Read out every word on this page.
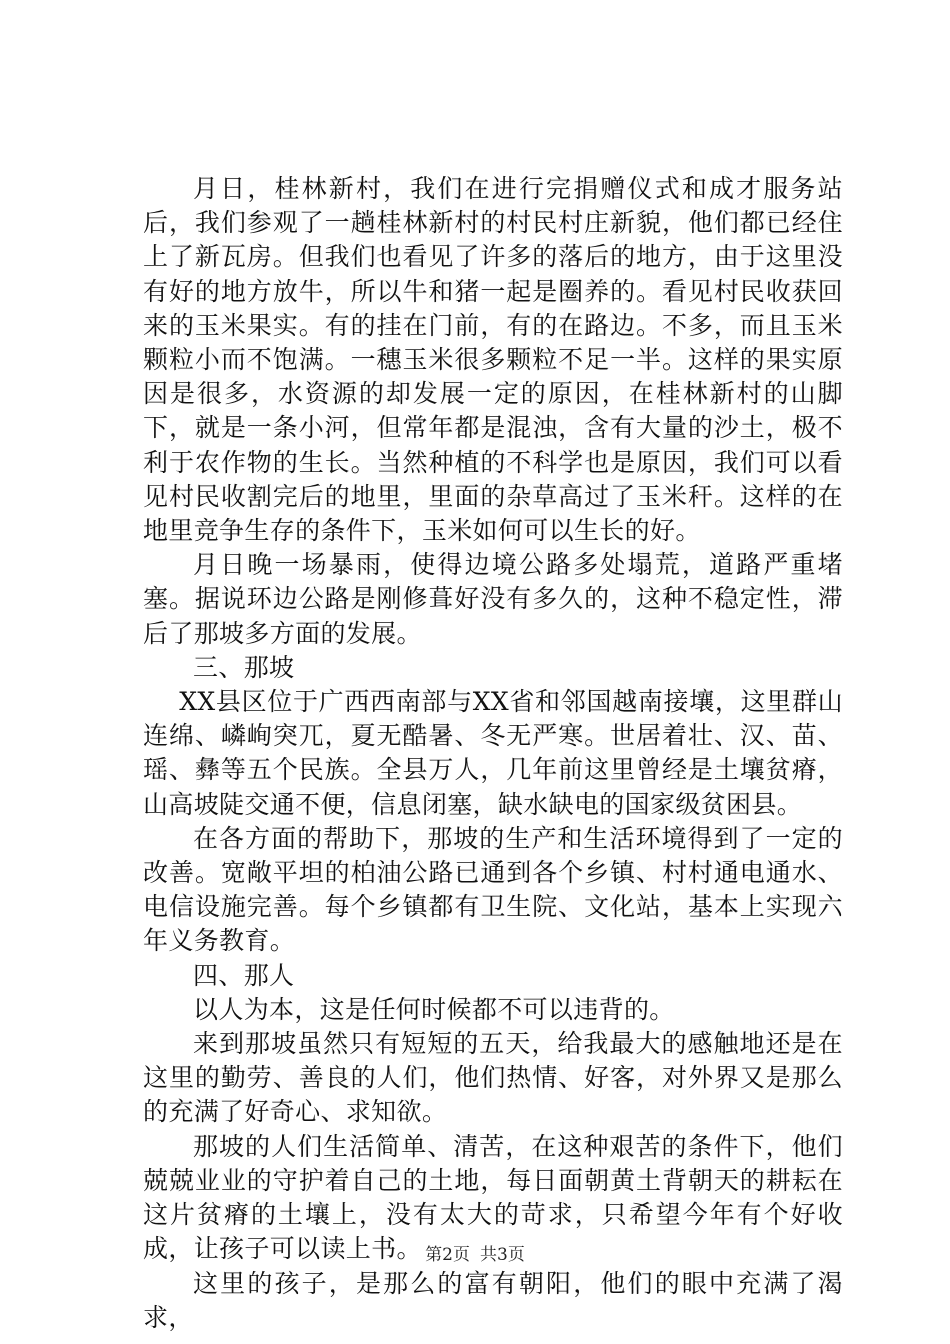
月日，桂林新村，我们在进行完捐赠仪式和成才服务站后，我们参观了一趟桂林新村的村民村庄新貌，他们都已经住上了新瓦房。但我们也看见了许多的落后的地方，由于这里没有好的地方放牛，所以牛和猪一起是圈养的。看见村民收获回来的玉米果实。有的挂在门前，有的在路边。不多，而且玉米颗粒小而不饱满。一穗玉米很多颗粒不足一半。这样的果实原因是很多，水资源的却发展一定的原因，在桂林新村的山脚下，就是一条小河，但常年都是混浊，含有大量的沙土，极不利于农作物的生长。当然种植的不科学也是原因，我们可以看见村民收割完后的地里，里面的杂草高过了玉米秆。这样的在地里竞争生存的条件下，玉米如何可以生长的好。

月日晚一场暴雨，使得边境公路多处塌荒，道路严重堵塞。据说环边公路是刚修葺好没有多久的，这种不稳定性，滞后了那坡多方面的发展。

三、那坡

XX县区位于广西西南部与XX省和邻国越南接壤，这里群山连绵、嶙峋突兀，夏无酷暑、冬无严寒。世居着壮、汉、苗、瑶、彝等五个民族。全县万人，几年前这里曾经是土壤贫瘠，山高坡陡交通不便，信息闭塞，缺水缺电的国家级贫困县。

在各方面的帮助下，那坡的生产和生活环境得到了一定的改善。宽敞平坦的柏油公路已通到各个乡镇、村村通电通水、电信设施完善。每个乡镇都有卫生院、文化站，基本上实现六年义务教育。

四、那人

以人为本，这是任何时候都不可以违背的。

来到那坡虽然只有短短的五天，给我最大的感触地还是在这里的勤劳、善良的人们，他们热情、好客，对外界又是那么的充满了好奇心、求知欲。

那坡的人们生活简单、清苦，在这种艰苦的条件下，他们兢兢业业的守护着自己的土地，每日面朝黄土背朝天的耕耘在这片贫瘠的土壤上，没有太大的苛求，只希望今年有个好收成，让孩子可以读上书。

这里的孩子，是那么的富有朝阳，他们的眼中充满了渴求，

第2页 共3页
